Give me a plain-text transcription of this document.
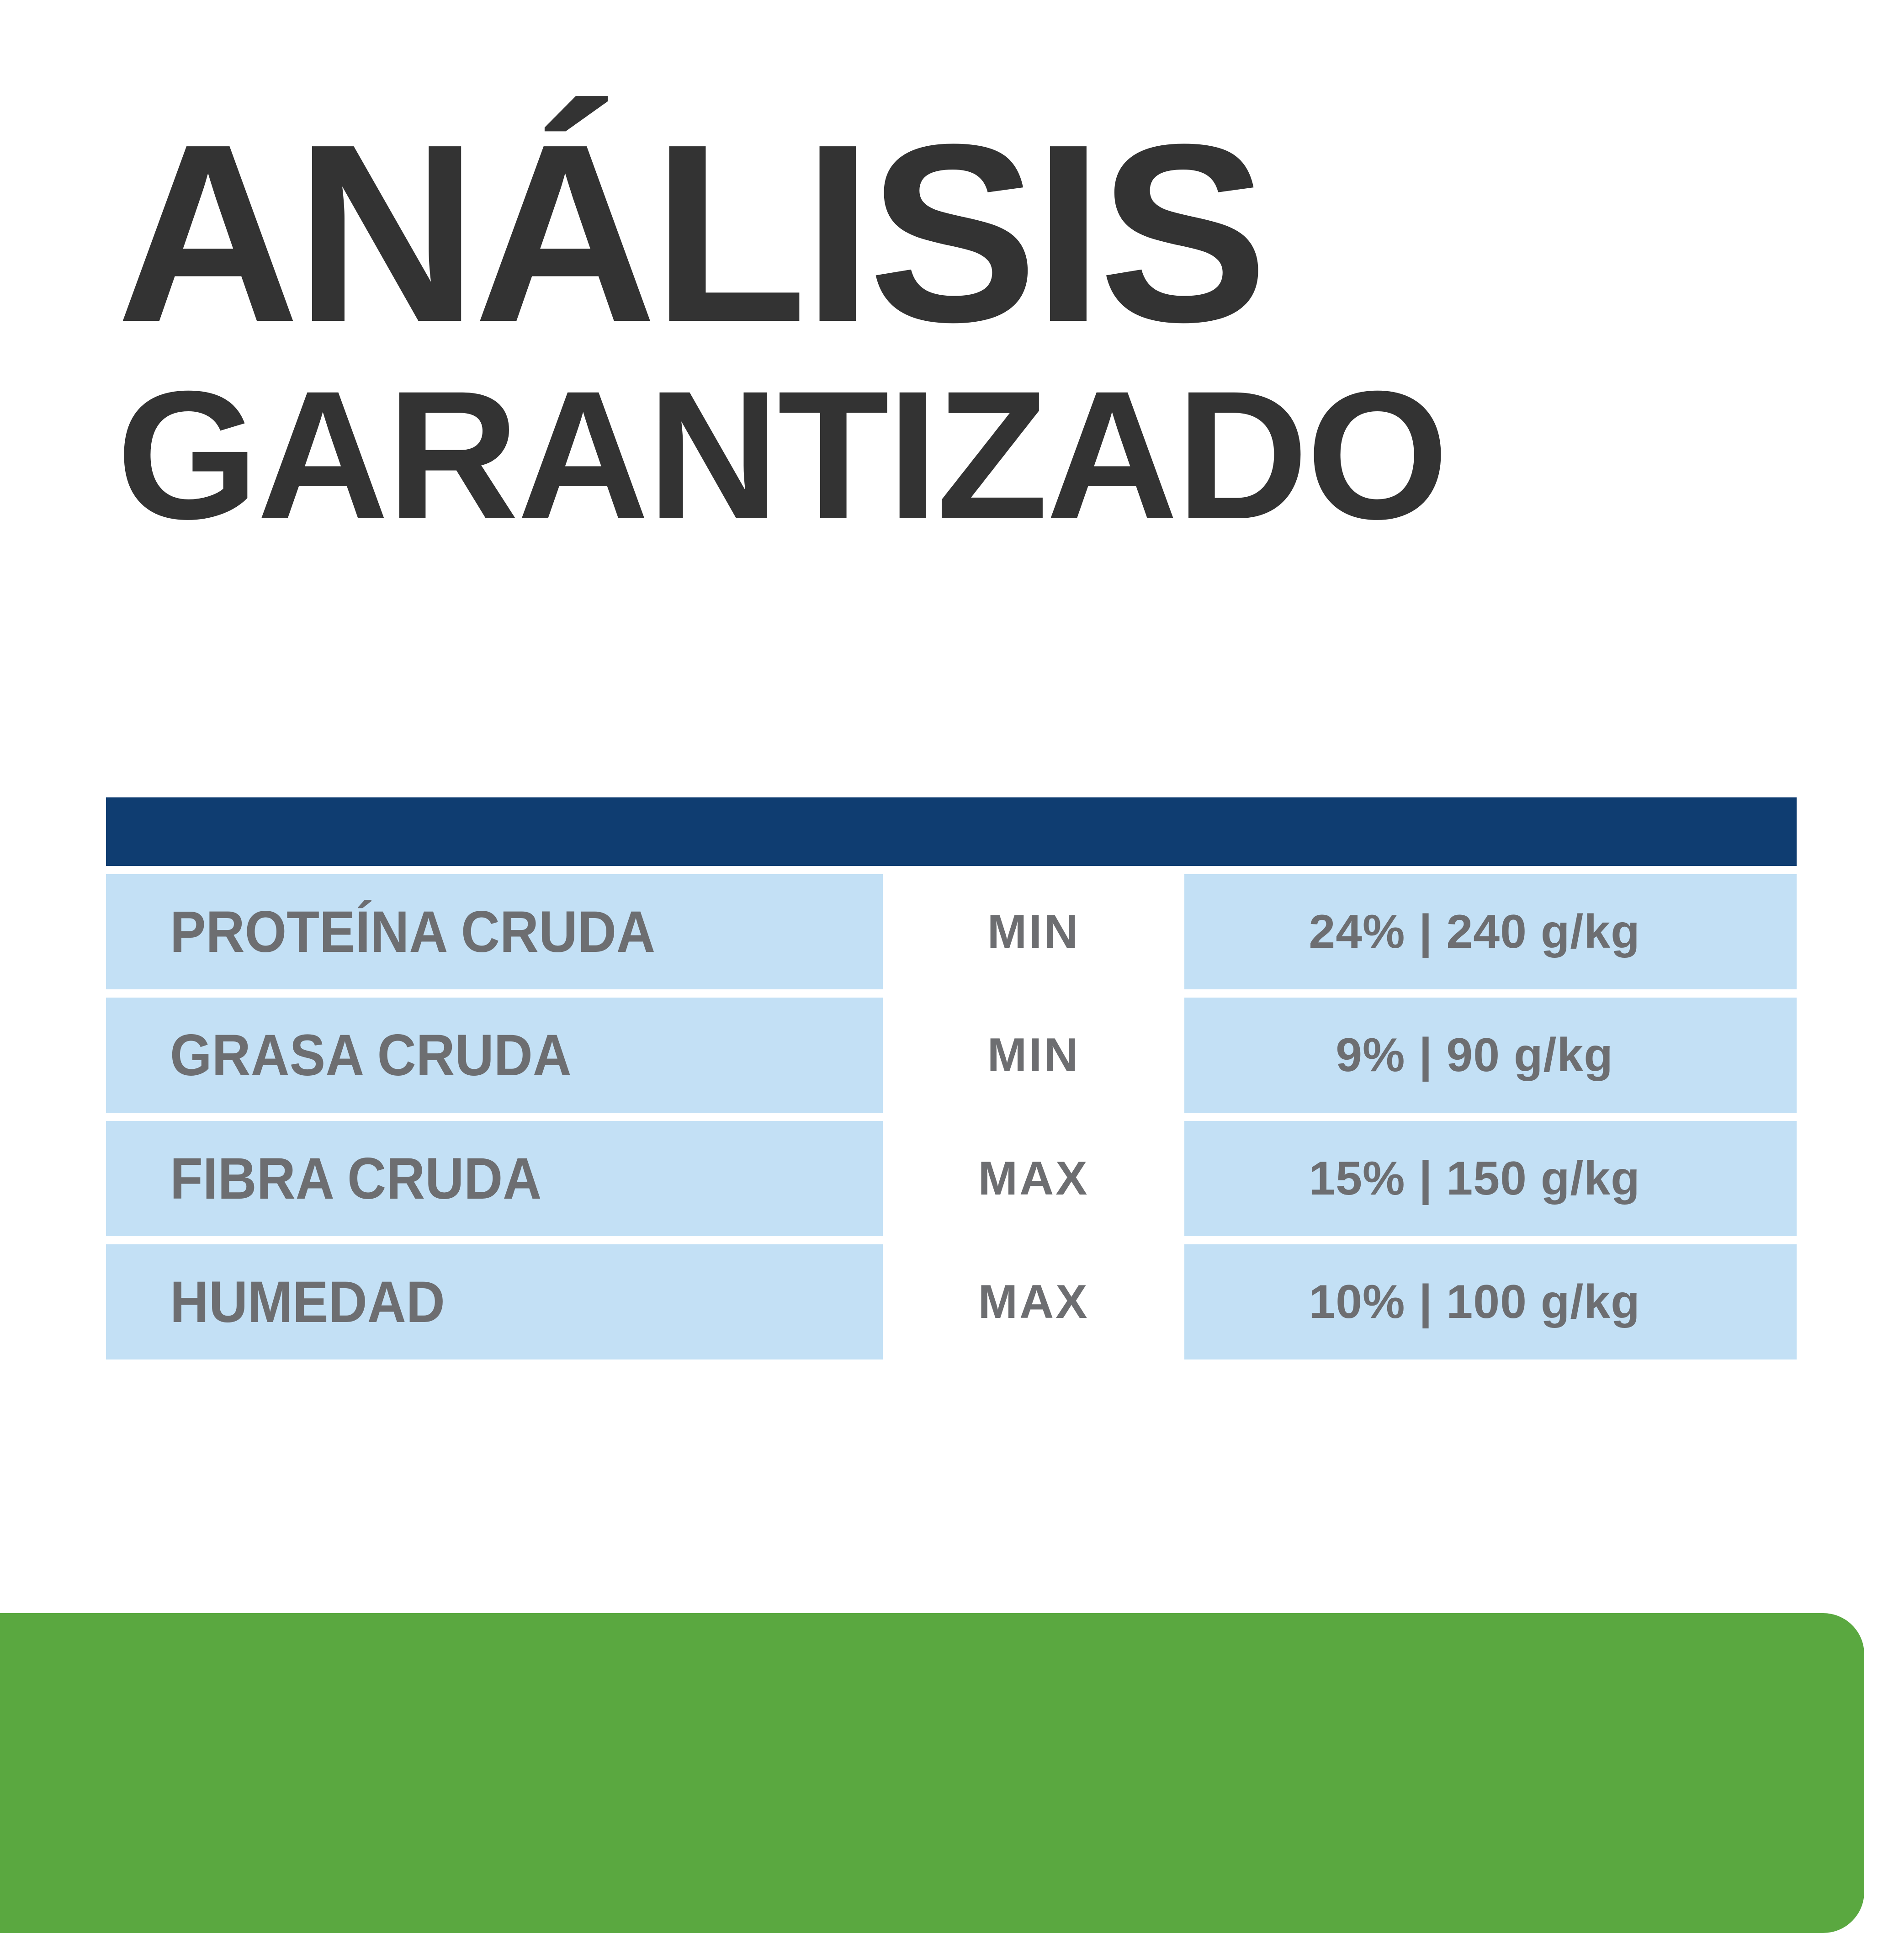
ANÁLISIS
GARANTIZADO
PROTEÍNA CRUDA	MIN	24% | 240 g/kg
GRASA CRUDA	MIN	9% | 90 g/kg
FIBRA CRUDA	MAX	15% | 150 g/kg
HUMEDAD	MAX	10% | 100 g/kg
